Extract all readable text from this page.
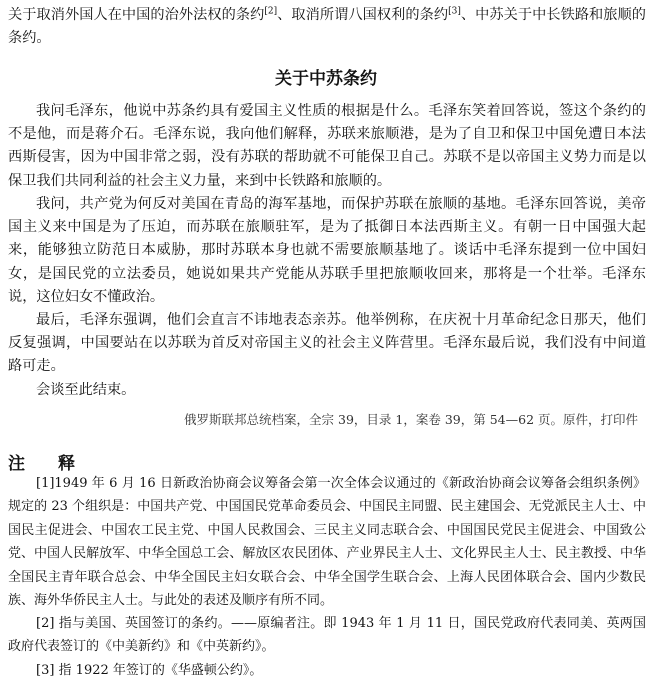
关于取消外国人在中国的治外法权的条约[2]、取消所谓八国权利的条约[3]、中苏关于中长铁路和旅顺的条约。

关于中苏条约

我问毛泽东，他说中苏条约具有爱国主义性质的根据是什么。毛泽东笑着回答说，签这个条约的不是他，而是蒋介石。毛泽东说，我向他们解释，苏联来旅顺港，是为了自卫和保卫中国免遭日本法西斯侵害，因为中国非常之弱，没有苏联的帮助就不可能保卫自己。苏联不是以帝国主义势力而是以保卫我们共同利益的社会主义力量，来到中长铁路和旅顺的。

我问，共产党为何反对美国在青岛的海军基地，而保护苏联在旅顺的基地。毛泽东回答说，美帝国主义来中国是为了压迫，而苏联在旅顺驻军，是为了抵御日本法西斯主义。有朝一日中国强大起来，能够独立防范日本威胁，那时苏联本身也就不需要旅顺基地了。谈话中毛泽东提到一位中国妇女，是国民党的立法委员，她说如果共产党能从苏联手里把旅顺收回来，那将是一个壮举。毛泽东说，这位妇女不懂政治。

最后，毛泽东强调，他们会直言不讳地表态亲苏。他举例称，在庆祝十月革命纪念日那天，他们反复强调，中国要站在以苏联为首反对帝国主义的社会主义阵营里。毛泽东最后说，我们没有中间道路可走。

会谈至此结束。

俄罗斯联邦总统档案，全宗 39，目录 1，案卷 39，第 54—62 页。原件，打印件

注　释

[1]1949 年 6 月 16 日新政治协商会议筹备会第一次全体会议通过的《新政治协商会议筹备会组织条例》规定的 23 个组织是：中国共产党、中国国民党革命委员会、中国民主同盟、民主建国会、无党派民主人士、中国民主促进会、中国农工民主党、中国人民救国会、三民主义同志联合会、中国国民党民主促进会、中国致公党、中国人民解放军、中华全国总工会、解放区农民团体、产业界民主人士、文化界民主人士、民主教授、中华全国民主青年联合总会、中华全国民主妇女联合会、中华全国学生联合会、上海人民团体联合会、国内少数民族、海外华侨民主人士。与此处的表述及顺序有所不同。

[2] 指与美国、英国签订的条约。——原编者注。即 1943 年 1 月 11 日，国民党政府代表同美、英两国政府代表签订的《中美新约》和《中英新约》。

[3] 指 1922 年签订的《华盛顿公约》。
